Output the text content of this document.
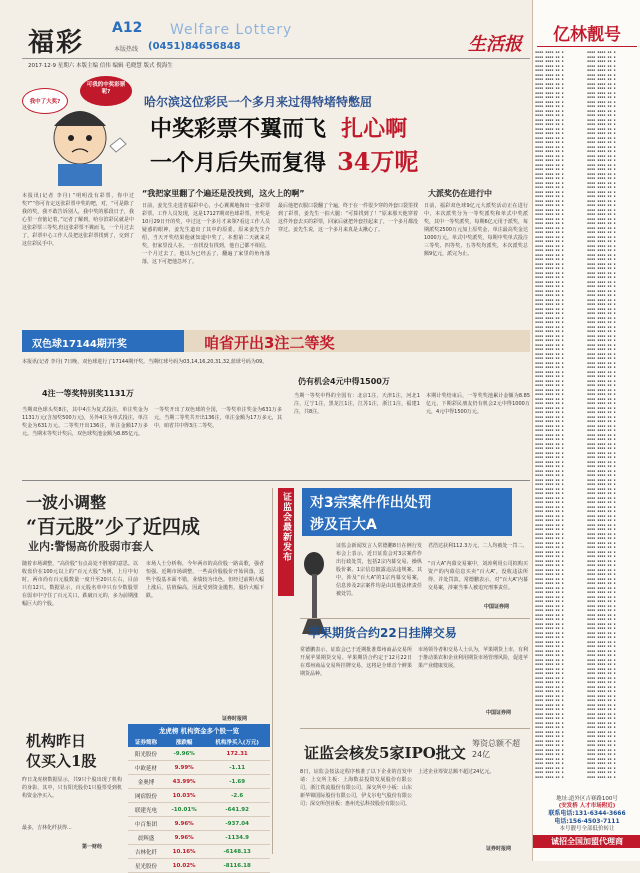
福彩 A12 Welfare Lottery
本版热线 (0451)84656848	生活报
2017·12·9 星期六 本版主编 信伟 编辑 毛晓慧 版式 倪海生
我中了大奖?
可我的中奖彩票呢?
哈尔滨这位彩民一个多月来过得特堵特憋屈
中奖彩票不翼而飞 扎心啊
一个月后失而复得 34万呢
“我把家里翻了个遍还是没找到，这火上的啊”	大派奖仍在进行中
本报讯(记者 李丹) “明明没有彩票，你中过奖?”“你可肯定这张彩票中奖的吧，对，“可是除了我的奖，我不敢告诉别人，我中奖的那段日子，我心里一直惦记着，”记者了解到，哈尔滨彩民就是中这张彩票三等奖,但这张彩票不翼而飞，一个月过去了，彩票中心工作人员把这张彩票找到了，交到了这位彩民手中。
日前，姜先生走进省福彩中心，小心翼翼地掏出一张彩票彩票。工作人员发现，这是17127期双色球彩票，开奖是10月29日开的奖，中过这一个多月才来领?看这工作人员疑惑的眼神，姜先生道出了其中的原委。原来姜先生介绍，当天开奖结果他就知道中奖了，本想第二天就来兑奖，但家里没人在，一直找没有找到，他自己都不相信，一个月过去了，他以为已经丢了，翻遍了家里的角角落落，这下可把他急坏了。
最后他把衣服口袋翻了个遍，终于在一件很少穿的外套口袋里找到了彩票，姜先生一拍大腿：“可算找到了！”原来那天他穿着这件外套去买的彩票，回家后就把外套挂起来了，一个多月都没穿过。姜先生说，这一个多月来真是太揪心了。
日前，福彩双色球9亿元大派奖活动正在进行中，本次派奖分为一等奖派奖和单式中奖派奖，其中一等奖派奖，每期6亿元用于派奖，每期派奖2500万元加上原奖金，单注最高奖金达1000万元。单式中奖派奖，每期中奖单式投注三等奖、四等奖、五等奖均派奖，本次派奖总额9亿元，派完为止。
双色球17144期开奖	咱省开出3注二等奖
本报讯(记者 李丹) 7日晚，双色球进行了17144期开奖。当期红球号码为03,14,16,20,31,32,蓝球号码为09。
4注一等奖特别奖1131万
仍有机会4元中得1500万
当期双色球头奖8注，其中4注为复式投注，单注奖金为1131万元(含加奖500万元)，另外4注为单式投注，单注奖金为631万元。二等奖开出136注，单注金额17万多元。当期末等奖计奖后，双色球奖池金额为8.85亿元。
一等奖开出了双色球的全国，一等奖单注奖金为631万多元，当期二等奖共开出136注，单注金额为17万多元，其中，咱省共中得3注二等奖。
当期一等奖中得的全国有：北京1注，天津1注，河北1注，辽宁1注，黑龙江1注，江苏1注，浙江1注，福建1注，共8注。
本期计奖结束后，一等奖奖池累计金额为8.85亿元，下期彩民朋友仍有机会2元中得1000万元，4元中得1500万元。
一波小调整
“百元股”少了近四成
业内:警惕高价股弱市套人
随着市场调整，“高价股”有点高处不胜寒的意思。以收盘价在100元以上的“百元大股”为例，上月中旬时，两市尚有百元股数量一度升至20只左右，目前只有12只。数据显示，百元股名单中只有少数股票在弱市中守住了百元关口，跌破百元的，多为前期涨幅巨大的个股。
市场人士分析称，今年两市的高价股一路高歌，强者恒强。近期市场调整，一些高价股股价开始回落，这些个股基本面不错，业绩较为出色。但经过前期大幅上涨后，估值偏高，因此受到资金抛售，股价大幅下跌。
证券时报网
龙虎榜 机构资金多个股一览
证券简称	涨跌幅	机构净买入(万元)
阳光股份	-9.96%	172.31
中欧延材	9.99%	-1.11
金奥博	43.99%	-1.69
网宿股份	10.03%	-2.6
联建光电	-10.01%	-641.92
中百集团	9.96%	-937.04
晨辉盛	9.96%	-1134.9
吉林化纤	10.16%	-6148.13
星光股份	10.02%	-8116.18
机构昨日
仅买入1股
昨日龙虎榜数据显示，共9只个股出现了机构的身影，其中，只有阳光股份1只股票受到机构资金净买入。
最多，吉林化纤获得...
第一财经
证监会最新发布	对3宗案件作出处罚
涉及百大A
证监会新闻发言人常德鹏8日在例行发布会上表示，近日证监会对3宗案件作出行政处罚，包括2宗内幕交易、操纵股价案、1宗信息披露违法违规案。其中，涉及“百大A”的1宗内幕交易案，信息涉及2宗案件均是由其他法律责任被处罚。
君浩达获利112.3万元，二人均被处一罚二。
“百大A”内幕交易案中，刘涛利用公司拟购买资产的内幕信息买卖“百大A”，没收违法所得、并处罚款。常德鹏表示，对“百大A”内幕交易案，涉案当事人被追究刑事责任。
中国证券网
苹果期货合约22日挂牌交易
常德鹏表示，证监会已于近期批准郑州商品交易所开展苹果期货交易。苹果期货合约定于12月22日在郑州商品交易所挂牌交易，这将是全球首个鲜果期货品种。
市场领导者和交易人士认为，苹果期货上市，有利于推动果农和企业利用期货市场管理风险，促进苹果产业健康发展。
中国证券网
证监会核发5家IPO批文
筹资总额不超24亿
8日，证监会按法定程序核准了以下企业的首发申请：上交所主板：上海数益投资发展股份有限公司，浙江铁流股份有限公司，深交所中小板：山东新华锦国际股份有限公司，伊戈尔电气股份有限公司；深交所创业板：惠州光弘科技股份有限公司。
上述企业筹资总额不超过24亿元。
证券时报网
亿林靓号
▪▪▪▪ ▪▪▪▪ ▪▪ ▪
▪▪▪▪ ▪▪▪▪ ▪▪ ▪
▪▪▪▪ ▪▪▪▪ ▪▪ ▪
▪▪▪▪ ▪▪▪▪ ▪▪ ▪
▪▪▪▪ ▪▪▪▪ ▪▪ ▪
▪▪▪▪ ▪▪▪▪ ▪▪ ▪
▪▪▪▪ ▪▪▪▪ ▪▪ ▪
▪▪▪▪ ▪▪▪▪ ▪▪ ▪
▪▪▪▪ ▪▪▪▪ ▪▪ ▪
▪▪▪▪ ▪▪▪▪ ▪▪ ▪
▪▪▪▪ ▪▪▪▪ ▪▪ ▪
▪▪▪▪ ▪▪▪▪ ▪▪ ▪
▪▪▪▪ ▪▪▪▪ ▪▪ ▪
▪▪▪▪ ▪▪▪▪ ▪▪ ▪
▪▪▪▪ ▪▪▪▪ ▪▪ ▪
▪▪▪▪ ▪▪▪▪ ▪▪ ▪
▪▪▪▪ ▪▪▪▪ ▪▪ ▪
▪▪▪▪ ▪▪▪▪ ▪▪ ▪
▪▪▪▪ ▪▪▪▪ ▪▪ ▪
▪▪▪▪ ▪▪▪▪ ▪▪ ▪
▪▪▪▪ ▪▪▪▪ ▪▪ ▪
▪▪▪▪ ▪▪▪▪ ▪▪ ▪
▪▪▪▪ ▪▪▪▪ ▪▪ ▪
▪▪▪▪ ▪▪▪▪ ▪▪ ▪
▪▪▪▪ ▪▪▪▪ ▪▪ ▪
▪▪▪▪ ▪▪▪▪ ▪▪ ▪
▪▪▪▪ ▪▪▪▪ ▪▪ ▪
▪▪▪▪ ▪▪▪▪ ▪▪ ▪
▪▪▪▪ ▪▪▪▪ ▪▪ ▪
▪▪▪▪ ▪▪▪▪ ▪▪ ▪
▪▪▪▪ ▪▪▪▪ ▪▪ ▪
▪▪▪▪ ▪▪▪▪ ▪▪ ▪
▪▪▪▪ ▪▪▪▪ ▪▪ ▪
▪▪▪▪ ▪▪▪▪ ▪▪ ▪
▪▪▪▪ ▪▪▪▪ ▪▪ ▪
▪▪▪▪ ▪▪▪▪ ▪▪ ▪
▪▪▪▪ ▪▪▪▪ ▪▪ ▪
▪▪▪▪ ▪▪▪▪ ▪▪ ▪
▪▪▪▪ ▪▪▪▪ ▪▪ ▪
▪▪▪▪ ▪▪▪▪ ▪▪ ▪
▪▪▪▪ ▪▪▪▪ ▪▪ ▪
▪▪▪▪ ▪▪▪▪ ▪▪ ▪
▪▪▪▪ ▪▪▪▪ ▪▪ ▪
▪▪▪▪ ▪▪▪▪ ▪▪ ▪
▪▪▪▪ ▪▪▪▪ ▪▪ ▪
▪▪▪▪ ▪▪▪▪ ▪▪ ▪
▪▪▪▪ ▪▪▪▪ ▪▪ ▪
▪▪▪▪ ▪▪▪▪ ▪▪ ▪
▪▪▪▪ ▪▪▪▪ ▪▪ ▪
▪▪▪▪ ▪▪▪▪ ▪▪ ▪
▪▪▪▪ ▪▪▪▪ ▪▪ ▪
▪▪▪▪ ▪▪▪▪ ▪▪ ▪
▪▪▪▪ ▪▪▪▪ ▪▪ ▪
▪▪▪▪ ▪▪▪▪ ▪▪ ▪
▪▪▪▪ ▪▪▪▪ ▪▪ ▪
▪▪▪▪ ▪▪▪▪ ▪▪ ▪
▪▪▪▪ ▪▪▪▪ ▪▪ ▪
▪▪▪▪ ▪▪▪▪ ▪▪ ▪
▪▪▪▪ ▪▪▪▪ ▪▪ ▪
▪▪▪▪ ▪▪▪▪ ▪▪ ▪
▪▪▪▪ ▪▪▪▪ ▪▪ ▪
▪▪▪▪ ▪▪▪▪ ▪▪ ▪
▪▪▪▪ ▪▪▪▪ ▪▪ ▪
▪▪▪▪ ▪▪▪▪ ▪▪ ▪
▪▪▪▪ ▪▪▪▪ ▪▪ ▪
▪▪▪▪ ▪▪▪▪ ▪▪ ▪
▪▪▪▪ ▪▪▪▪ ▪▪ ▪
▪▪▪▪ ▪▪▪▪ ▪▪ ▪
▪▪▪▪ ▪▪▪▪ ▪▪ ▪
▪▪▪▪ ▪▪▪▪ ▪▪ ▪
▪▪▪▪ ▪▪▪▪ ▪▪ ▪
▪▪▪▪ ▪▪▪▪ ▪▪ ▪
▪▪▪▪ ▪▪▪▪ ▪▪ ▪
▪▪▪▪ ▪▪▪▪ ▪▪ ▪
▪▪▪▪ ▪▪▪▪ ▪▪ ▪
▪▪▪▪ ▪▪▪▪ ▪▪ ▪
▪▪▪▪ ▪▪▪▪ ▪▪ ▪
▪▪▪▪ ▪▪▪▪ ▪▪ ▪
▪▪▪▪ ▪▪▪▪ ▪▪ ▪
▪▪▪▪ ▪▪▪▪ ▪▪ ▪
▪▪▪▪ ▪▪▪▪ ▪▪ ▪
▪▪▪▪ ▪▪▪▪ ▪▪ ▪
▪▪▪▪ ▪▪▪▪ ▪▪ ▪
▪▪▪▪ ▪▪▪▪ ▪▪ ▪
▪▪▪▪ ▪▪▪▪ ▪▪ ▪
▪▪▪▪ ▪▪▪▪ ▪▪ ▪
▪▪▪▪ ▪▪▪▪ ▪▪ ▪
▪▪▪▪ ▪▪▪▪ ▪▪ ▪
▪▪▪▪ ▪▪▪▪ ▪▪ ▪
▪▪▪▪ ▪▪▪▪ ▪▪ ▪
▪▪▪▪ ▪▪▪▪ ▪▪ ▪
▪▪▪▪ ▪▪▪▪ ▪▪ ▪
▪▪▪▪ ▪▪▪▪ ▪▪ ▪
▪▪▪▪ ▪▪▪▪ ▪▪ ▪
▪▪▪▪ ▪▪▪▪ ▪▪ ▪
▪▪▪▪ ▪▪▪▪ ▪▪ ▪
▪▪▪▪ ▪▪▪▪ ▪▪ ▪
▪▪▪▪ ▪▪▪▪ ▪▪ ▪
▪▪▪▪ ▪▪▪▪ ▪▪ ▪
▪▪▪▪ ▪▪▪▪ ▪▪ ▪
▪▪▪▪ ▪▪▪▪ ▪▪ ▪
▪▪▪▪ ▪▪▪▪ ▪▪ ▪
▪▪▪▪ ▪▪▪▪ ▪▪ ▪
▪▪▪▪ ▪▪▪▪ ▪▪ ▪
▪▪▪▪ ▪▪▪▪ ▪▪ ▪
▪▪▪▪ ▪▪▪▪ ▪▪ ▪
▪▪▪▪ ▪▪▪▪ ▪▪ ▪
▪▪▪▪ ▪▪▪▪ ▪▪ ▪
▪▪▪▪ ▪▪▪▪ ▪▪ ▪
▪▪▪▪ ▪▪▪▪ ▪▪ ▪
▪▪▪▪ ▪▪▪▪ ▪▪ ▪
▪▪▪▪ ▪▪▪▪ ▪▪ ▪
▪▪▪▪ ▪▪▪▪ ▪▪ ▪
▪▪▪▪ ▪▪▪▪ ▪▪ ▪
▪▪▪▪ ▪▪▪▪ ▪▪ ▪
▪▪▪▪ ▪▪▪▪ ▪▪ ▪
▪▪▪▪ ▪▪▪▪ ▪▪ ▪
▪▪▪▪ ▪▪▪▪ ▪▪ ▪
▪▪▪▪ ▪▪▪▪ ▪▪ ▪
▪▪▪▪ ▪▪▪▪ ▪▪ ▪
▪▪▪▪ ▪▪▪▪ ▪▪ ▪
▪▪▪▪ ▪▪▪▪ ▪▪ ▪
▪▪▪▪ ▪▪▪▪ ▪▪ ▪
▪▪▪▪ ▪▪▪▪ ▪▪ ▪
▪▪▪▪ ▪▪▪▪ ▪▪ ▪
▪▪▪▪ ▪▪▪▪ ▪▪ ▪
▪▪▪▪ ▪▪▪▪ ▪▪ ▪
▪▪▪▪ ▪▪▪▪ ▪▪ ▪
▪▪▪▪ ▪▪▪▪ ▪▪ ▪
▪▪▪▪ ▪▪▪▪ ▪▪ ▪
▪▪▪▪ ▪▪▪▪ ▪▪ ▪
▪▪▪▪ ▪▪▪▪ ▪▪ ▪
▪▪▪▪ ▪▪▪▪ ▪▪ ▪
▪▪▪▪ ▪▪▪▪ ▪▪ ▪
▪▪▪▪ ▪▪▪▪ ▪▪ ▪
▪▪▪▪ ▪▪▪▪ ▪▪ ▪
▪▪▪▪ ▪▪▪▪ ▪▪ ▪
▪▪▪▪ ▪▪▪▪ ▪▪ ▪
▪▪▪▪ ▪▪▪▪ ▪▪ ▪
▪▪▪▪ ▪▪▪▪ ▪▪ ▪
▪▪▪▪ ▪▪▪▪ ▪▪ ▪
▪▪▪▪ ▪▪▪▪ ▪▪ ▪
▪▪▪▪ ▪▪▪▪ ▪▪ ▪
▪▪▪▪ ▪▪▪▪ ▪▪ ▪
▪▪▪▪ ▪▪▪▪ ▪▪ ▪
▪▪▪▪ ▪▪▪▪ ▪▪ ▪
▪▪▪▪ ▪▪▪▪ ▪▪ ▪
▪▪▪▪ ▪▪▪▪ ▪▪ ▪
▪▪▪▪ ▪▪▪▪ ▪▪ ▪
▪▪▪▪ ▪▪▪▪ ▪▪ ▪
▪▪▪▪ ▪▪▪▪ ▪▪ ▪
▪▪▪▪ ▪▪▪▪ ▪▪ ▪
▪▪▪▪ ▪▪▪▪ ▪▪ ▪
▪▪▪▪ ▪▪▪▪ ▪▪ ▪
▪▪▪▪ ▪▪▪▪ ▪▪ ▪
▪▪▪▪ ▪▪▪▪ ▪▪ ▪
▪▪▪▪ ▪▪▪▪ ▪▪ ▪
▪▪▪▪ ▪▪▪▪ ▪▪ ▪
▪▪▪▪ ▪▪▪▪ ▪▪ ▪
▪▪▪▪ ▪▪▪▪ ▪▪ ▪
▪▪▪▪ ▪▪▪▪ ▪▪ ▪
▪▪▪▪ ▪▪▪▪ ▪▪ ▪

▪▪▪▪ ▪▪▪▪ ▪▪ ▪
▪▪▪▪ ▪▪▪▪ ▪▪ ▪
▪▪▪▪ ▪▪▪▪ ▪▪ ▪
▪▪▪▪ ▪▪▪▪ ▪▪ ▪
▪▪▪▪ ▪▪▪▪ ▪▪ ▪
▪▪▪▪ ▪▪▪▪ ▪▪ ▪
▪▪▪▪ ▪▪▪▪ ▪▪ ▪
▪▪▪▪ ▪▪▪▪ ▪▪ ▪
▪▪▪▪ ▪▪▪▪ ▪▪ ▪
▪▪▪▪ ▪▪▪▪ ▪▪ ▪
▪▪▪▪ ▪▪▪▪ ▪▪ ▪
▪▪▪▪ ▪▪▪▪ ▪▪ ▪
▪▪▪▪ ▪▪▪▪ ▪▪ ▪
▪▪▪▪ ▪▪▪▪ ▪▪ ▪
▪▪▪▪ ▪▪▪▪ ▪▪ ▪
▪▪▪▪ ▪▪▪▪ ▪▪ ▪
▪▪▪▪ ▪▪▪▪ ▪▪ ▪
▪▪▪▪ ▪▪▪▪ ▪▪ ▪
▪▪▪▪ ▪▪▪▪ ▪▪ ▪
▪▪▪▪ ▪▪▪▪ ▪▪ ▪
▪▪▪▪ ▪▪▪▪ ▪▪ ▪
▪▪▪▪ ▪▪▪▪ ▪▪ ▪
▪▪▪▪ ▪▪▪▪ ▪▪ ▪
▪▪▪▪ ▪▪▪▪ ▪▪ ▪
▪▪▪▪ ▪▪▪▪ ▪▪ ▪
▪▪▪▪ ▪▪▪▪ ▪▪ ▪
▪▪▪▪ ▪▪▪▪ ▪▪ ▪
▪▪▪▪ ▪▪▪▪ ▪▪ ▪
▪▪▪▪ ▪▪▪▪ ▪▪ ▪
▪▪▪▪ ▪▪▪▪ ▪▪ ▪
▪▪▪▪ ▪▪▪▪ ▪▪ ▪
▪▪▪▪ ▪▪▪▪ ▪▪ ▪
▪▪▪▪ ▪▪▪▪ ▪▪ ▪
▪▪▪▪ ▪▪▪▪ ▪▪ ▪
▪▪▪▪ ▪▪▪▪ ▪▪ ▪
▪▪▪▪ ▪▪▪▪ ▪▪ ▪
▪▪▪▪ ▪▪▪▪ ▪▪ ▪
▪▪▪▪ ▪▪▪▪ ▪▪ ▪
▪▪▪▪ ▪▪▪▪ ▪▪ ▪
▪▪▪▪ ▪▪▪▪ ▪▪ ▪
▪▪▪▪ ▪▪▪▪ ▪▪ ▪
▪▪▪▪ ▪▪▪▪ ▪▪ ▪
▪▪▪▪ ▪▪▪▪ ▪▪ ▪
▪▪▪▪ ▪▪▪▪ ▪▪ ▪
▪▪▪▪ ▪▪▪▪ ▪▪ ▪
▪▪▪▪ ▪▪▪▪ ▪▪ ▪
▪▪▪▪ ▪▪▪▪ ▪▪ ▪
▪▪▪▪ ▪▪▪▪ ▪▪ ▪
▪▪▪▪ ▪▪▪▪ ▪▪ ▪
▪▪▪▪ ▪▪▪▪ ▪▪ ▪
▪▪▪▪ ▪▪▪▪ ▪▪ ▪
▪▪▪▪ ▪▪▪▪ ▪▪ ▪
▪▪▪▪ ▪▪▪▪ ▪▪ ▪
▪▪▪▪ ▪▪▪▪ ▪▪ ▪
▪▪▪▪ ▪▪▪▪ ▪▪ ▪
▪▪▪▪ ▪▪▪▪ ▪▪ ▪
▪▪▪▪ ▪▪▪▪ ▪▪ ▪
▪▪▪▪ ▪▪▪▪ ▪▪ ▪
▪▪▪▪ ▪▪▪▪ ▪▪ ▪
▪▪▪▪ ▪▪▪▪ ▪▪ ▪
▪▪▪▪ ▪▪▪▪ ▪▪ ▪
▪▪▪▪ ▪▪▪▪ ▪▪ ▪
▪▪▪▪ ▪▪▪▪ ▪▪ ▪
▪▪▪▪ ▪▪▪▪ ▪▪ ▪
▪▪▪▪ ▪▪▪▪ ▪▪ ▪
▪▪▪▪ ▪▪▪▪ ▪▪ ▪
▪▪▪▪ ▪▪▪▪ ▪▪ ▪
▪▪▪▪ ▪▪▪▪ ▪▪ ▪
▪▪▪▪ ▪▪▪▪ ▪▪ ▪
▪▪▪▪ ▪▪▪▪ ▪▪ ▪
▪▪▪▪ ▪▪▪▪ ▪▪ ▪
▪▪▪▪ ▪▪▪▪ ▪▪ ▪
▪▪▪▪ ▪▪▪▪ ▪▪ ▪
▪▪▪▪ ▪▪▪▪ ▪▪ ▪
▪▪▪▪ ▪▪▪▪ ▪▪ ▪
▪▪▪▪ ▪▪▪▪ ▪▪ ▪
▪▪▪▪ ▪▪▪▪ ▪▪ ▪
▪▪▪▪ ▪▪▪▪ ▪▪ ▪
▪▪▪▪ ▪▪▪▪ ▪▪ ▪
▪▪▪▪ ▪▪▪▪ ▪▪ ▪
▪▪▪▪ ▪▪▪▪ ▪▪ ▪
▪▪▪▪ ▪▪▪▪ ▪▪ ▪
▪▪▪▪ ▪▪▪▪ ▪▪ ▪
▪▪▪▪ ▪▪▪▪ ▪▪ ▪
▪▪▪▪ ▪▪▪▪ ▪▪ ▪
▪▪▪▪ ▪▪▪▪ ▪▪ ▪
▪▪▪▪ ▪▪▪▪ ▪▪ ▪
▪▪▪▪ ▪▪▪▪ ▪▪ ▪
▪▪▪▪ ▪▪▪▪ ▪▪ ▪
▪▪▪▪ ▪▪▪▪ ▪▪ ▪
▪▪▪▪ ▪▪▪▪ ▪▪ ▪
▪▪▪▪ ▪▪▪▪ ▪▪ ▪
▪▪▪▪ ▪▪▪▪ ▪▪ ▪
▪▪▪▪ ▪▪▪▪ ▪▪ ▪
▪▪▪▪ ▪▪▪▪ ▪▪ ▪
▪▪▪▪ ▪▪▪▪ ▪▪ ▪
▪▪▪▪ ▪▪▪▪ ▪▪ ▪
▪▪▪▪ ▪▪▪▪ ▪▪ ▪
▪▪▪▪ ▪▪▪▪ ▪▪ ▪
▪▪▪▪ ▪▪▪▪ ▪▪ ▪
▪▪▪▪ ▪▪▪▪ ▪▪ ▪
▪▪▪▪ ▪▪▪▪ ▪▪ ▪
▪▪▪▪ ▪▪▪▪ ▪▪ ▪
▪▪▪▪ ▪▪▪▪ ▪▪ ▪
▪▪▪▪ ▪▪▪▪ ▪▪ ▪
▪▪▪▪ ▪▪▪▪ ▪▪ ▪
▪▪▪▪ ▪▪▪▪ ▪▪ ▪
▪▪▪▪ ▪▪▪▪ ▪▪ ▪
▪▪▪▪ ▪▪▪▪ ▪▪ ▪
▪▪▪▪ ▪▪▪▪ ▪▪ ▪
▪▪▪▪ ▪▪▪▪ ▪▪ ▪
▪▪▪▪ ▪▪▪▪ ▪▪ ▪
▪▪▪▪ ▪▪▪▪ ▪▪ ▪
▪▪▪▪ ▪▪▪▪ ▪▪ ▪
▪▪▪▪ ▪▪▪▪ ▪▪ ▪
▪▪▪▪ ▪▪▪▪ ▪▪ ▪
▪▪▪▪ ▪▪▪▪ ▪▪ ▪
▪▪▪▪ ▪▪▪▪ ▪▪ ▪
▪▪▪▪ ▪▪▪▪ ▪▪ ▪
▪▪▪▪ ▪▪▪▪ ▪▪ ▪
▪▪▪▪ ▪▪▪▪ ▪▪ ▪
▪▪▪▪ ▪▪▪▪ ▪▪ ▪
▪▪▪▪ ▪▪▪▪ ▪▪ ▪
▪▪▪▪ ▪▪▪▪ ▪▪ ▪
▪▪▪▪ ▪▪▪▪ ▪▪ ▪
▪▪▪▪ ▪▪▪▪ ▪▪ ▪
▪▪▪▪ ▪▪▪▪ ▪▪ ▪
▪▪▪▪ ▪▪▪▪ ▪▪ ▪
▪▪▪▪ ▪▪▪▪ ▪▪ ▪
▪▪▪▪ ▪▪▪▪ ▪▪ ▪
▪▪▪▪ ▪▪▪▪ ▪▪ ▪
▪▪▪▪ ▪▪▪▪ ▪▪ ▪
▪▪▪▪ ▪▪▪▪ ▪▪ ▪
▪▪▪▪ ▪▪▪▪ ▪▪ ▪
▪▪▪▪ ▪▪▪▪ ▪▪ ▪
▪▪▪▪ ▪▪▪▪ ▪▪ ▪
▪▪▪▪ ▪▪▪▪ ▪▪ ▪
▪▪▪▪ ▪▪▪▪ ▪▪ ▪
▪▪▪▪ ▪▪▪▪ ▪▪ ▪
▪▪▪▪ ▪▪▪▪ ▪▪ ▪
▪▪▪▪ ▪▪▪▪ ▪▪ ▪
▪▪▪▪ ▪▪▪▪ ▪▪ ▪
▪▪▪▪ ▪▪▪▪ ▪▪ ▪
▪▪▪▪ ▪▪▪▪ ▪▪ ▪
▪▪▪▪ ▪▪▪▪ ▪▪ ▪
▪▪▪▪ ▪▪▪▪ ▪▪ ▪
▪▪▪▪ ▪▪▪▪ ▪▪ ▪
▪▪▪▪ ▪▪▪▪ ▪▪ ▪
▪▪▪▪ ▪▪▪▪ ▪▪ ▪
▪▪▪▪ ▪▪▪▪ ▪▪ ▪
▪▪▪▪ ▪▪▪▪ ▪▪ ▪
▪▪▪▪ ▪▪▪▪ ▪▪ ▪
▪▪▪▪ ▪▪▪▪ ▪▪ ▪
▪▪▪▪ ▪▪▪▪ ▪▪ ▪
▪▪▪▪ ▪▪▪▪ ▪▪ ▪
▪▪▪▪ ▪▪▪▪ ▪▪ ▪
▪▪▪▪ ▪▪▪▪ ▪▪ ▪
▪▪▪▪ ▪▪▪▪ ▪▪ ▪
▪▪▪▪ ▪▪▪▪ ▪▪ ▪
▪▪▪▪ ▪▪▪▪ ▪▪ ▪
▪▪▪▪ ▪▪▪▪ ▪▪ ▪
▪▪▪▪ ▪▪▪▪ ▪▪ ▪

地址:道外区吉赛路100号
(安发桥 人才市场附近)
联系电话:131-6344-3666
电话:156-4503-7111
本号靓号全部低价转让
诚招全国加盟代理商
